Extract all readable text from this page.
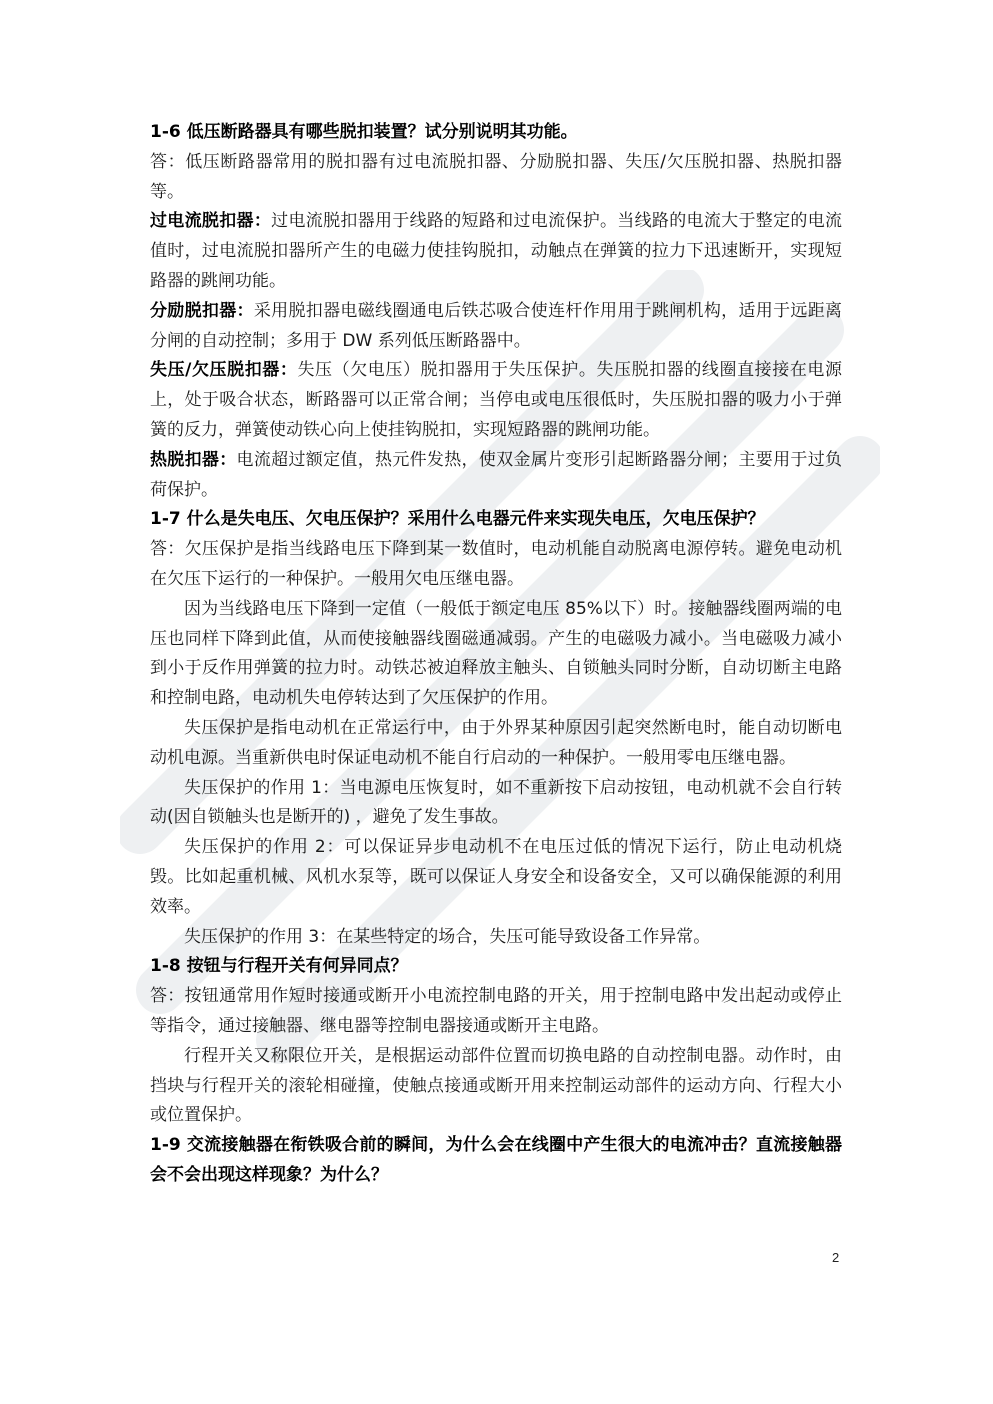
1-6 低压断路器具有哪些脱扣装置？试分别说明其功能。
答：低压断路器常用的脱扣器有过电流脱扣器、分励脱扣器、失压/欠压脱扣器、热脱扣器等。
过电流脱扣器：过电流脱扣器用于线路的短路和过电流保护。当线路的电流大于整定的电流值时，过电流脱扣器所产生的电磁力使挂钩脱扣，动触点在弹簧的拉力下迅速断开，实现短路器的跳闸功能。
分励脱扣器：采用脱扣器电磁线圈通电后铁芯吸合使连杆作用用于跳闸机构，适用于远距离分闸的自动控制；多用于 DW 系列低压断路器中。
失压/欠压脱扣器：失压（欠电压）脱扣器用于失压保护。失压脱扣器的线圈直接接在电源上，处于吸合状态，断路器可以正常合闸；当停电或电压很低时，失压脱扣器的吸力小于弹簧的反力，弹簧使动铁心向上使挂钩脱扣，实现短路器的跳闸功能。
热脱扣器：电流超过额定值，热元件发热，使双金属片变形引起断路器分闸；主要用于过负荷保护。
1-7 什么是失电压、欠电压保护？采用什么电器元件来实现失电压，欠电压保护？
答：欠压保护是指当线路电压下降到某一数值时，电动机能自动脱离电源停转。避免电动机在欠压下运行的一种保护。一般用欠电压继电器。
因为当线路电压下降到一定值（一般低于额定电压 85%以下）时。接触器线圈两端的电压也同样下降到此值，从而使接触器线圈磁通减弱。产生的电磁吸力减小。当电磁吸力减小到小于反作用弹簧的拉力时。动铁芯被迫释放主触头、自锁触头同时分断，自动切断主电路和控制电路，电动机失电停转达到了欠压保护的作用。
失压保护是指电动机在正常运行中，由于外界某种原因引起突然断电时，能自动切断电动机电源。当重新供电时保证电动机不能自行启动的一种保护。一般用零电压继电器。
失压保护的作用 1：当电源电压恢复时，如不重新按下启动按钮，电动机就不会自行转动(因自锁触头也是断开的) ，避免了发生事故。
失压保护的作用 2：可以保证异步电动机不在电压过低的情况下运行，防止电动机烧毁。比如起重机械、风机水泵等，既可以保证人身安全和设备安全，又可以确保能源的利用效率。
失压保护的作用 3：在某些特定的场合，失压可能导致设备工作异常。
1-8 按钮与行程开关有何异同点？
答：按钮通常用作短时接通或断开小电流控制电路的开关，用于控制电路中发出起动或停止等指令，通过接触器、继电器等控制电器接通或断开主电路。
行程开关又称限位开关，是根据运动部件位置而切换电路的自动控制电器。动作时，由挡块与行程开关的滚轮相碰撞，使触点接通或断开用来控制运动部件的运动方向、行程大小或位置保护。
1-9 交流接触器在衔铁吸合前的瞬间，为什么会在线圈中产生很大的电流冲击？直流接触器会不会出现这样现象？为什么？
2
